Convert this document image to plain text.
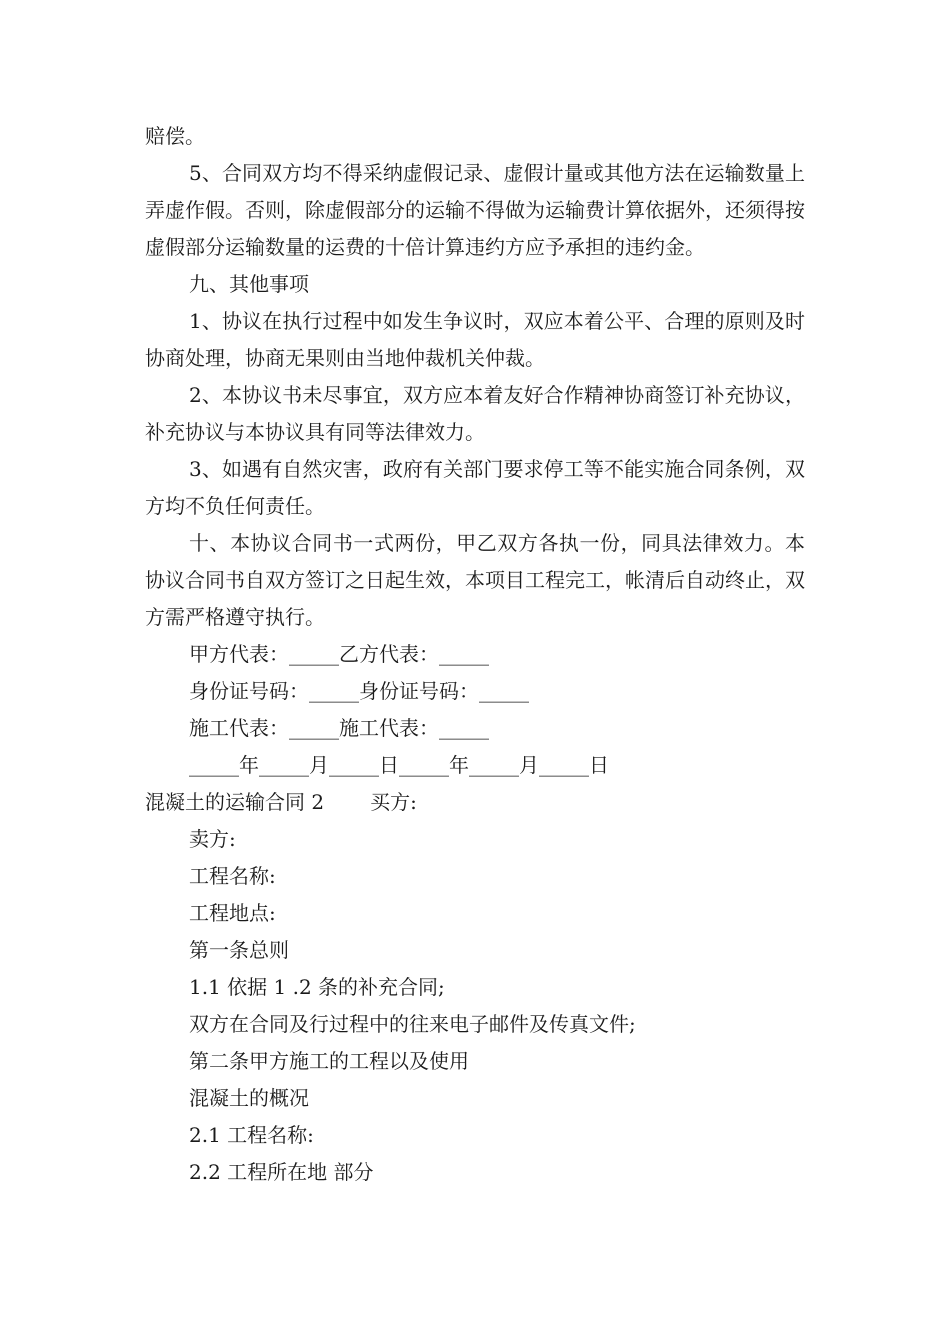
赔偿。

5、合同双方均不得采纳虚假记录、虚假计量或其他方法在运输数量上弄虚作假。否则，除虚假部分的运输不得做为运输费计算依据外，还须得按虚假部分运输数量的运费的十倍计算违约方应予承担的违约金。

九、其他事项

1、协议在执行过程中如发生争议时，双应本着公平、合理的原则及时协商处理，协商无果则由当地仲裁机关仲裁。

2、本协议书未尽事宜，双方应本着友好合作精神协商签订补充协议，补充协议与本协议具有同等法律效力。

3、如遇有自然灾害，政府有关部门要求停工等不能实施合同条例，双方均不负任何责任。

十、本协议合同书一式两份，甲乙双方各执一份，同具法律效力。本协议合同书自双方签订之日起生效，本项目工程完工，帐清后自动终止，双方需严格遵守执行。

甲方代表：_____乙方代表：_____

身份证号码：_____身份证号码：_____

施工代表：_____施工代表：_____

_____年_____月_____日_____年_____月_____日

混凝土的运输合同 2 买方:

卖方:

工程名称:

工程地点:

第一条总则

1.1 依据 1 .2 条的补充合同;

双方在合同及行过程中的往来电子邮件及传真文件;

第二条甲方施工的工程以及使用

混凝土的概况

2.1 工程名称:

2.2 工程所在地 部分
